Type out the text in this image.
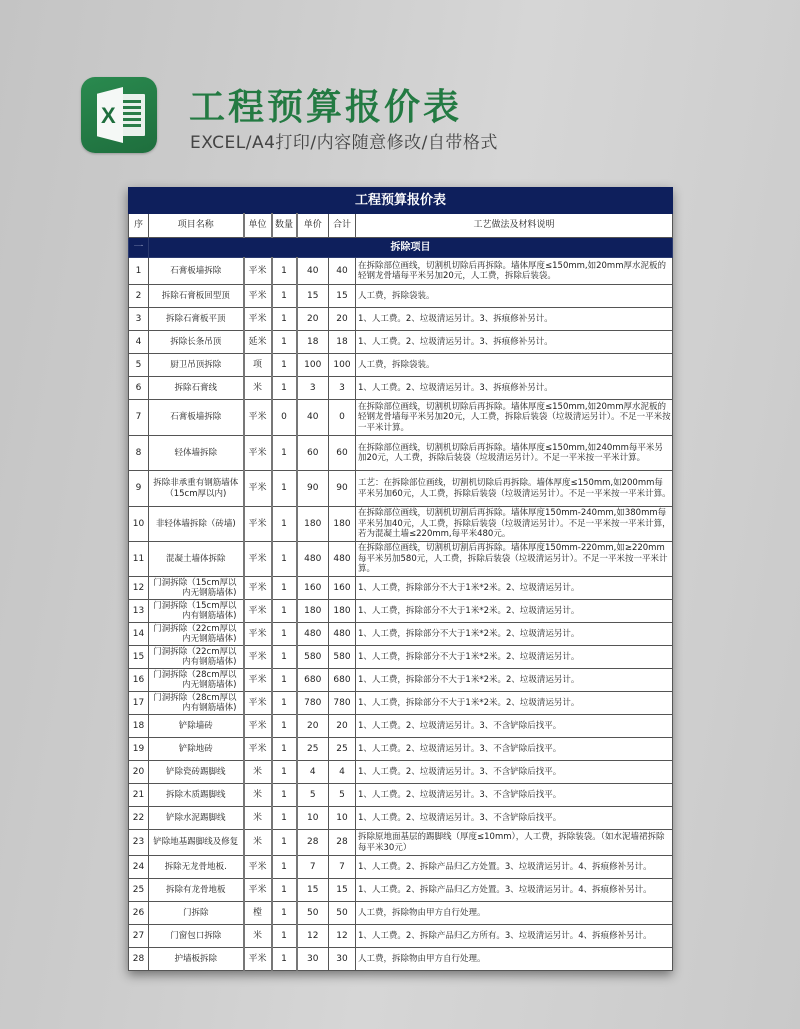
X 工程预算报价表
EXCEL/A4打印/内容随意修改/自带格式
工程预算报价表						
序	项目名称	单位	数量	单价	合计	工艺做法及材料说明
一	拆除项目					
1	石膏板墙拆除	平米	1	40	40	在拆除部位画线，切割机切除后再拆除。墙体厚度≤150mm,如20mm厚水泥板的轻钢龙骨墙每平米另加20元，人工费，拆除后装袋。
2	拆除石膏板回型顶	平米	1	15	15	人工费，拆除袋装。
3	拆除石膏板平顶	平米	1	20	20	1、人工费。2、垃圾清运另计。3、拆痕修补另计。
4	拆除长条吊顶	延米	1	18	18	1、人工费。2、垃圾清运另计。3、拆痕修补另计。
5	厨卫吊顶拆除	项	1	100	100	人工费，拆除袋装。
6	拆除石膏线	米	1	3	3	1、人工费。2、垃圾清运另计。3、拆痕修补另计。
7	石膏板墙拆除	平米	0	40	0	在拆除部位画线，切割机切除后再拆除。墙体厚度≤150mm,如20mm厚水泥板的轻钢龙骨墙每平米另加20元，人工费，拆除后装袋（垃圾清运另计）。不足一平米按一平米计算。
8	轻体墙拆除	平米	1	60	60	在拆除部位画线，切割机切除后再拆除。墙体厚度≤150mm,如240mm每平米另加20元，人工费，拆除后装袋（垃圾清运另计）。不足一平米按一平米计算。
9	拆除非承重有钢筋墙体（15cm厚以内)	平米	1	90	90	工艺：在拆除部位画线，切割机切除后再拆除。墙体厚度≤150mm,如200mm每平米另加60元，人工费，拆除后装袋（垃圾清运另计）。不足一平米按一平米计算。
10	非轻体墙拆除（砖墙)	平米	1	180	180	在拆除部位画线，切割机切割后再拆除。墙体厚度150mm-240mm,如380mm每平米另加40元，人工费，拆除后装袋（垃圾清运另计）。不足一平米按一平米计算，若为混凝土墙≤220mm,每平米480元。
11	混凝土墙体拆除	平米	1	480	480	在拆除部位画线，切割机切割后再拆除。墙体厚度150mm-220mm,如≥220mm每平米另加580元，人工费，拆除后装袋（垃圾清运另计）。不足一平米按一平米计算。
12	门洞拆除（15cm厚以内无钢筋墙体)	平米	1	160	160	1、人工费，拆除部分不大于1米*2米。2、垃圾清运另计。
13	门洞拆除（15cm厚以内有钢筋墙体)	平米	1	180	180	1、人工费，拆除部分不大于1米*2米。2、垃圾清运另计。
14	门洞拆除（22cm厚以内无钢筋墙体)	平米	1	480	480	1、人工费，拆除部分不大于1米*2米。2、垃圾清运另计。
15	门洞拆除（22cm厚以内有钢筋墙体)	平米	1	580	580	1、人工费，拆除部分不大于1米*2米。2、垃圾清运另计。
16	门洞拆除（28cm厚以内无钢筋墙体)	平米	1	680	680	1、人工费，拆除部分不大于1米*2米。2、垃圾清运另计。
17	门洞拆除（28cm厚以内有钢筋墙体)	平米	1	780	780	1、人工费，拆除部分不大于1米*2米。2、垃圾清运另计。
18	铲除墙砖	平米	1	20	20	1、人工费。2、垃圾清运另计。3、不含铲除后找平。
19	铲除地砖	平米	1	25	25	1、人工费。2、垃圾清运另计。3、不含铲除后找平。
20	铲除瓷砖踢脚线	米	1	4	4	1、人工费。2、垃圾清运另计。3、不含铲除后找平。
21	拆除木质踢脚线	米	1	5	5	1、人工费。2、垃圾清运另计。3、不含铲除后找平。
22	铲除水泥踢脚线	米	1	10	10	1、人工费。2、垃圾清运另计。3、不含铲除后找平。
23	铲除地基踢脚线及修复	米	1	28	28	拆除原地面基层的踢脚线（厚度≤10mm），人工费，拆除装袋。（如水泥墙裙拆除每平米30元）
24	拆除无龙骨地板.	平米	1	7	7	1、人工费。2、拆除产品归乙方处置。3、垃圾清运另计。4、拆痕修补另计。
25	拆除有龙骨地板	平米	1	15	15	1、人工费。2、拆除产品归乙方处置。3、垃圾清运另计。4、拆痕修补另计。
26	门拆除	樘	1	50	50	人工费，拆除物由甲方自行处理。
27	门窗包口拆除	米	1	12	12	1、人工费。2、拆除产品归乙方所有。3、垃圾清运另计。4、拆痕修补另计。
28	护墙板拆除	平米	1	30	30	人工费，拆除物由甲方自行处理。
